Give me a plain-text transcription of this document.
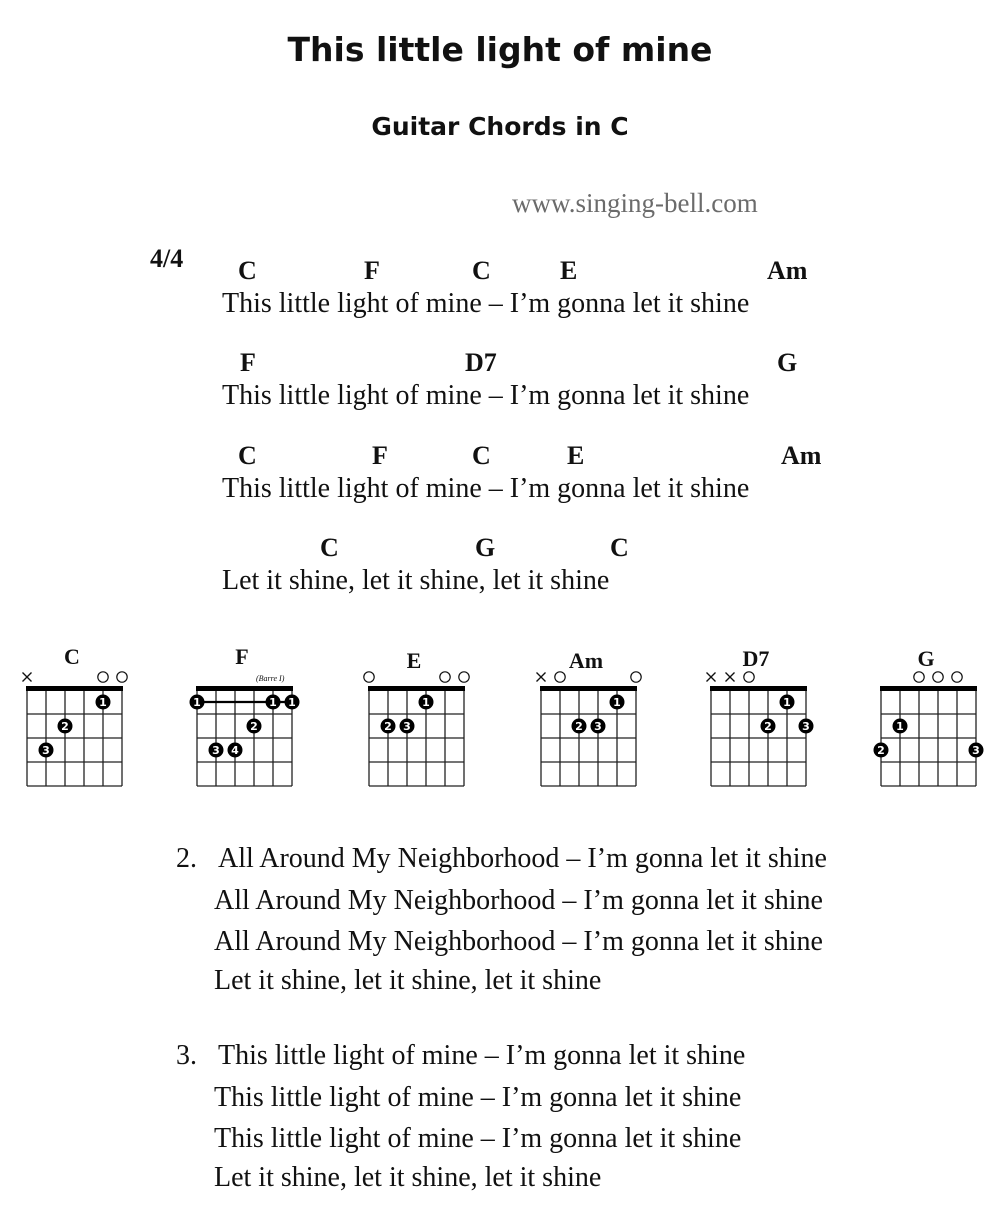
This little light of mine
Guitar Chords in C
www.singing-bell.com
4/4 C	F	C	E	Am
This little light of mine – I’m gonna let it shine
F	D7	G
This little light of mine – I’m gonna let it shine
C	F	C	E	Am
This little light of mine – I’m gonna let it shine
C	G	C
Let it shine, let it shine, let it shine
C
1
2
3
F
(Barre I)
1	1 1
2
3 4
E
1
2 3
Am
1
2 3
D7
1
2	3
G
1
2	3
2. All Around My Neighborhood – I’m gonna let it shine
All Around My Neighborhood – I’m gonna let it shine
All Around My Neighborhood – I’m gonna let it shine
Let it shine, let it shine, let it shine
3. This little light of mine – I’m gonna let it shine
This little light of mine – I’m gonna let it shine
This little light of mine – I’m gonna let it shine
Let it shine, let it shine, let it shine
